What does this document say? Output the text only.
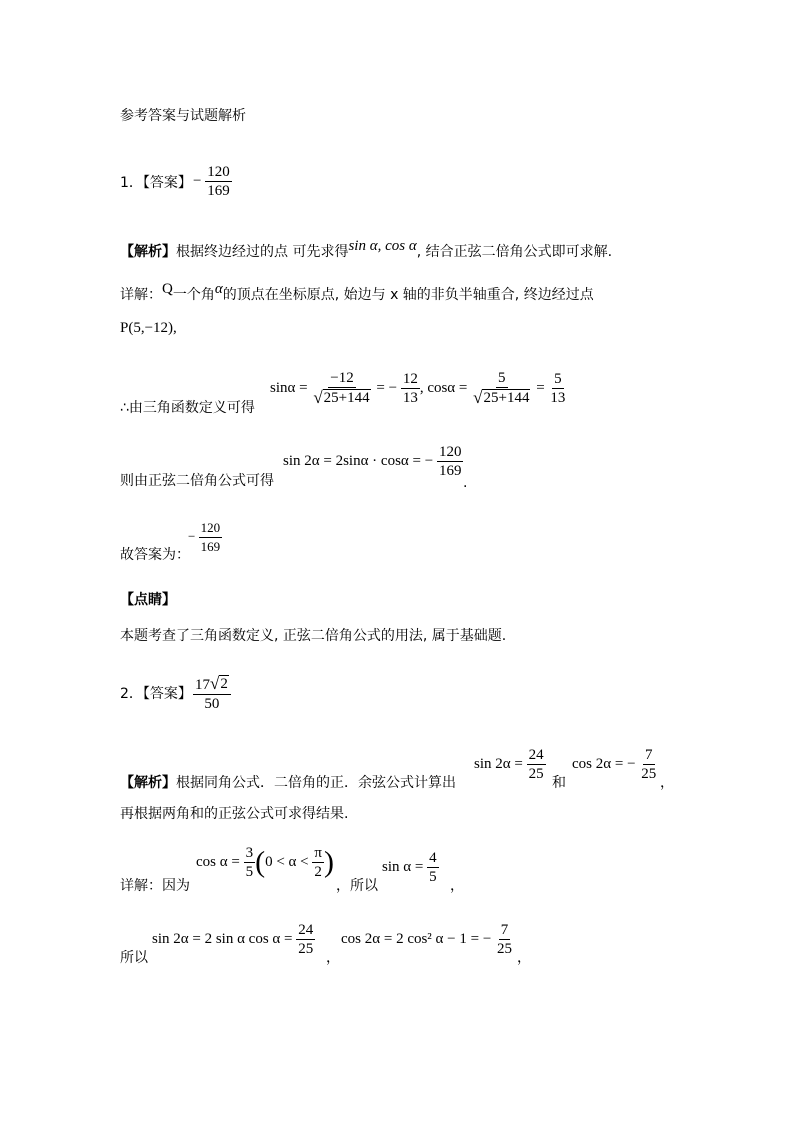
参考答案与试题解析
1．【答案】 − $\frac{120}{169}$
【解析】根据终边经过的点 可先求得sin α, cos α, 结合正弦二倍角公式即可求解.
详解：Q一个角α的顶点在坐标原点, 始边与 x 轴的非负半轴重合, 终边经过点
P(5,−12),
∴由三角函数定义可得
$\sin\alpha = \frac{-12}{√ 25+144}$ = − $\frac{12}{13}$ , $\cos\alpha = \frac{5}{√ 25+144} = \frac{5}{13}$
则由正弦二倍角公式可得
sin 2α = 2sinα · cosα = − $\frac{120}{169}$
.
故答案为：
− $\frac{120}{169}$
【点睛】
本题考查了三角函数定义, 正弦二倍角公式的用法, 属于基础题.
2．【答案】 $\frac{17 √ 2}{50}$
【解析】根据同角公式．二倍角的正．余弦公式计算出
$\sin 2\alpha = \frac{24}{25}$
和
cos 2α = − $\frac{7}{25}$
，
再根据两角和的正弦公式可求得结果.
详解：因为
$\cos \alpha = \frac{3}{5} (0 < \alpha < \frac{\pi}{2}$ )
，所以
$\sin \alpha = \frac{4}{5}$
，
所以
sin 2α = 2 sin α $\cos \alpha = \frac{24}{25}$
，
cos 2α = 2 cos² α − 1 = − $\frac{7}{25}$
，
